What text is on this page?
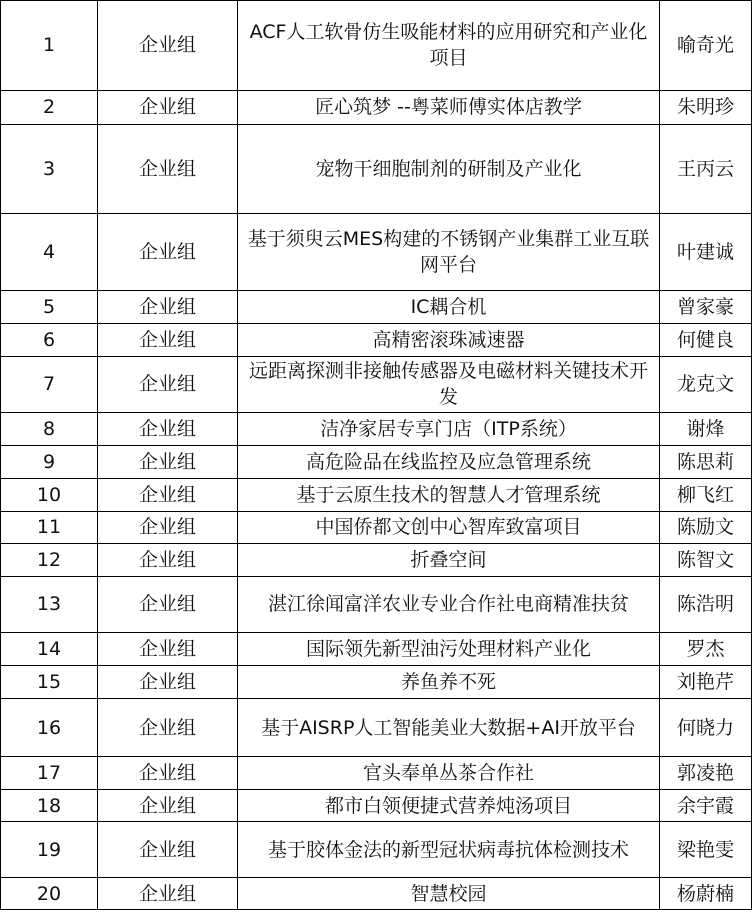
1	企业组	ACF人工软骨仿生吸能材料的应用研究和产业化项目	喻奇光
2	企业组	匠心筑梦 --粤菜师傅实体店教学	朱明珍
3	企业组	宠物干细胞制剂的研制及产业化	王丙云
4	企业组	基于须臾云MES构建的不锈钢产业集群工业互联网平台	叶建诚
5	企业组	IC耦合机	曾家豪
6	企业组	高精密滚珠减速器	何健良
7	企业组	远距离探测非接触传感器及电磁材料关键技术开发	龙克文
8	企业组	洁净家居专享门店（ITP系统）	谢烽
9	企业组	高危险品在线监控及应急管理系统	陈思莉
10	企业组	基于云原生技术的智慧人才管理系统	柳飞红
11	企业组	中国侨都文创中心智库致富项目	陈励文
12	企业组	折叠空间	陈智文
13	企业组	湛江徐闻富洋农业专业合作社电商精准扶贫	陈浩明
14	企业组	国际领先新型油污处理材料产业化	罗杰
15	企业组	养鱼养不死	刘艳芹
16	企业组	基于AISRP人工智能美业大数据+AI开放平台	何晓力
17	企业组	官头奉单丛茶合作社	郭凌艳
18	企业组	都市白领便捷式营养炖汤项目	余宇霞
19	企业组	基于胶体金法的新型冠状病毒抗体检测技术	梁艳雯
20	企业组	智慧校园	杨蔚楠
